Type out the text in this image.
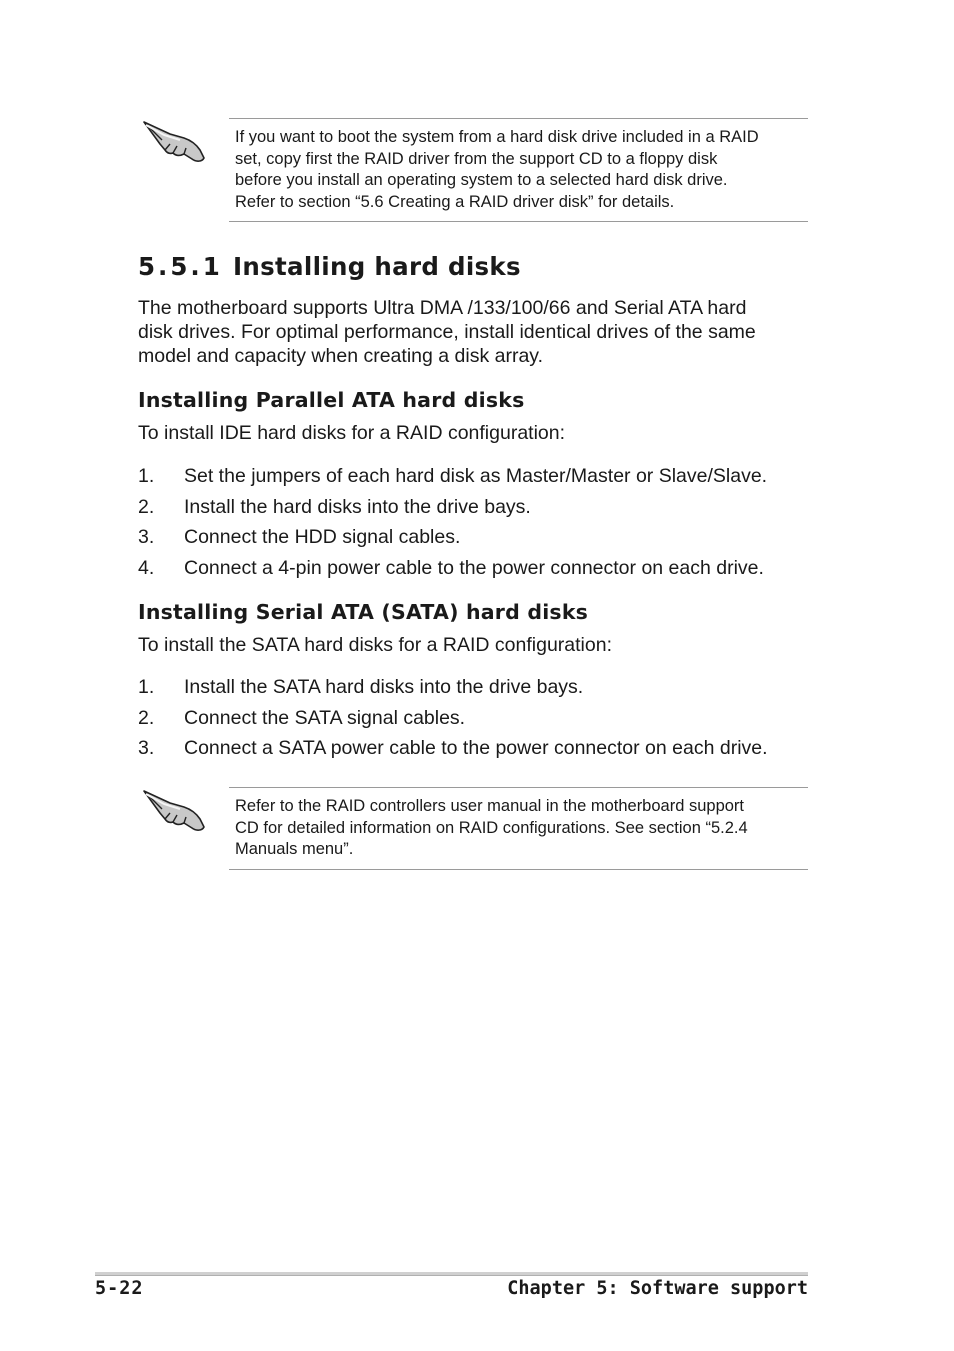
If you want to boot the system from a hard disk drive included in a RAID
set, copy first the RAID driver from the support CD to a floppy disk
before you install an operating system to a selected hard disk drive.
Refer to section “5.6 Creating a RAID driver disk” for details.

5.5.1 Installing hard disks

The motherboard supports Ultra DMA /133/100/66 and Serial ATA hard
disk drives. For optimal performance, install identical drives of the same
model and capacity when creating a disk array.

Installing Parallel ATA hard disks

To install IDE hard disks for a RAID configuration:

1. Set the jumpers of each hard disk as Master/Master or Slave/Slave.
2. Install the hard disks into the drive bays.
3. Connect the HDD signal cables.
4. Connect a 4-pin power cable to the power connector on each drive.
Installing Serial ATA (SATA) hard disks

To install the SATA hard disks for a RAID configuration:

1. Install the SATA hard disks into the drive bays.
2. Connect the SATA signal cables.
3. Connect a SATA power cable to the power connector on each drive.

Refer to the RAID controllers user manual in the motherboard support
CD for detailed information on RAID configurations. See section “5.2.4
Manuals menu”.

5-22	Chapter 5: Software support
